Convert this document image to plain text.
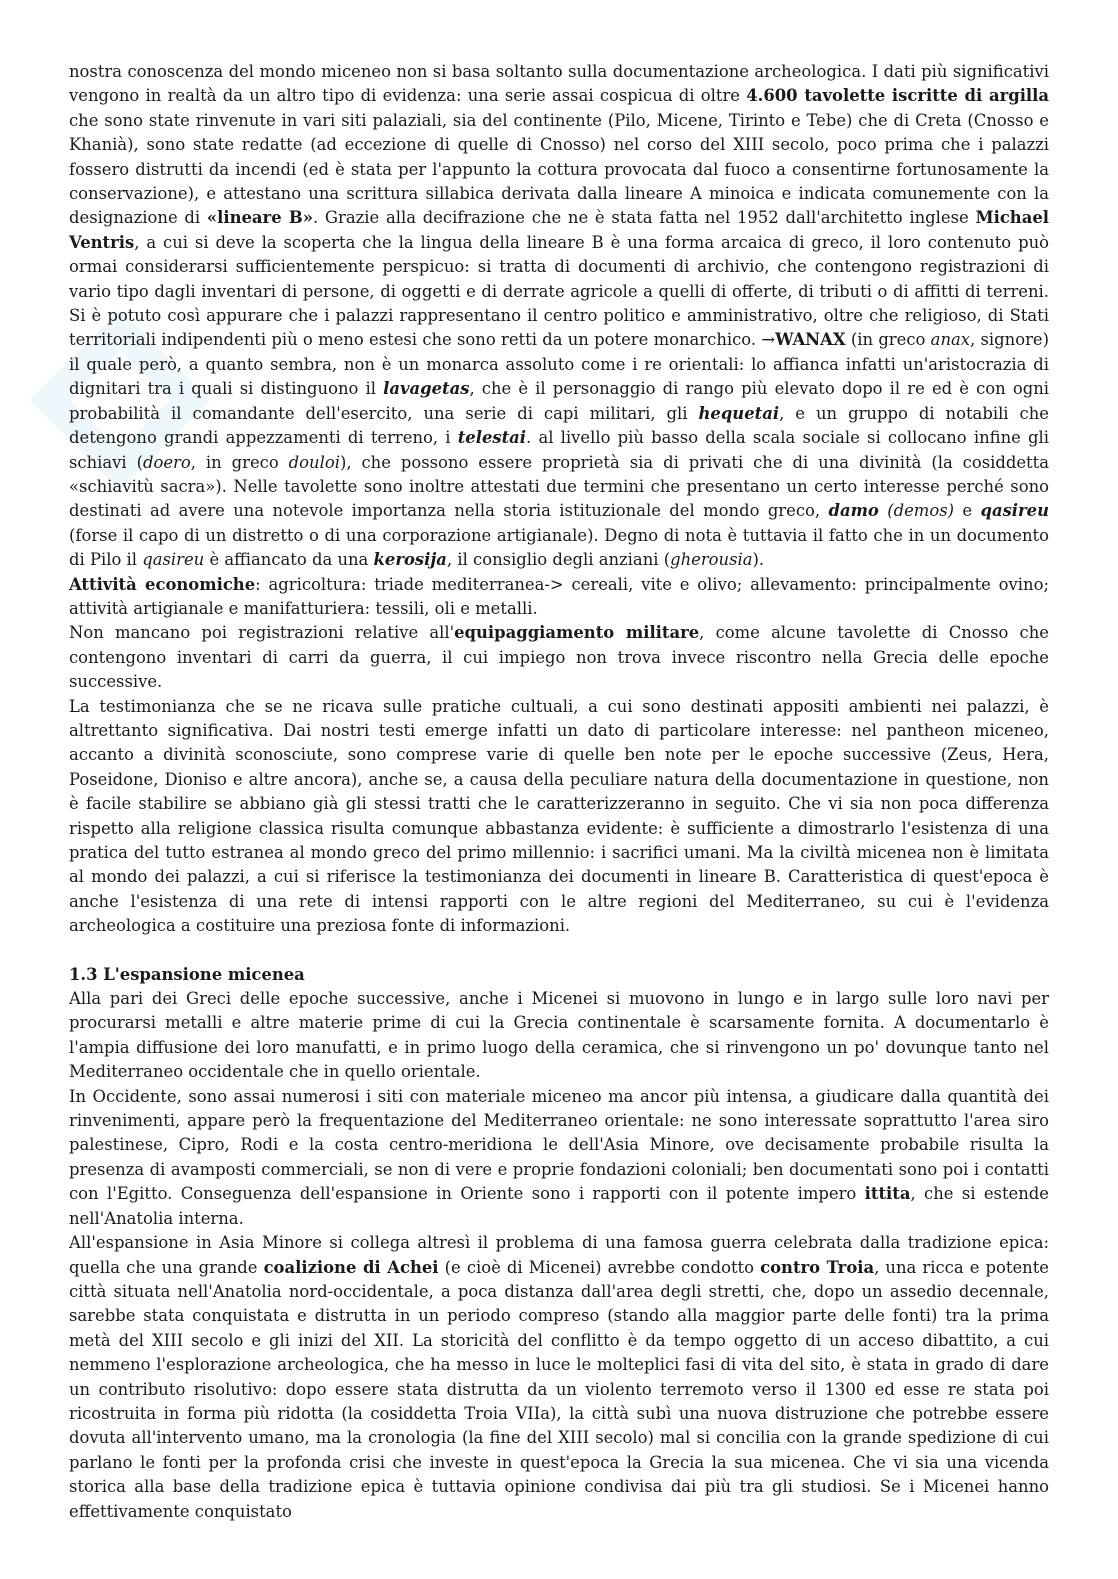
nostra conoscenza del mondo miceneo non si basa soltanto sulla documentazione archeologica. I dati più significativi vengono in realtà da un altro tipo di evidenza: una serie assai cospicua di oltre 4.600 tavolette iscritte di argilla che sono state rinvenute in vari siti palaziali, sia del continente (Pilo, Micene, Tirinto e Tebe) che di Creta (Cnosso e Khanià), sono state redatte (ad eccezione di quelle di Cnosso) nel corso del XIII secolo, poco prima che i palazzi fossero distrutti da incendi (ed è stata per l'appunto la cottura provocata dal fuoco a consentirne fortunosamente la conservazione), e attestano una scrittura sillabica derivata dalla lineare A minoica e indicata comunemente con la designazione di «lineare B». Grazie alla decifrazione che ne è stata fatta nel 1952 dall'architetto inglese Michael Ventris, a cui si deve la scoperta che la lingua della lineare B è una forma arcaica di greco, il loro contenuto può ormai considerarsi sufficientemente perspicuo: si tratta di documenti di archivio, che contengono registrazioni di vario tipo dagli inventari di persone, di oggetti e di derrate agricole a quelli di offerte, di tributi o di affitti di terreni. Si è potuto così appurare che i palazzi rappresentano il centro politico e amministrativo, oltre che religioso, di Stati territoriali indipendenti più o meno estesi che sono retti da un potere monarchico. →WANAX (in greco anax, signore) il quale però, a quanto sembra, non è un monarca assoluto come i re orientali: lo affianca infatti un'aristocrazia di dignitari tra i quali si distinguono il lavagetas, che è il personaggio di rango più elevato dopo il re ed è con ogni probabilità il comandante dell'esercito, una serie di capi militari, gli hequetai, e un gruppo di notabili che detengono grandi appezzamenti di terreno, i telestai. al livello più basso della scala sociale si collocano infine gli schiavi (doero, in greco douloi), che possono essere proprietà sia di privati che di una divinità (la cosiddetta «schiavitù sacra»). Nelle tavolette sono inoltre attestati due termini che presentano un certo interesse perché sono destinati ad avere una notevole importanza nella storia istituzionale del mondo greco, damo (demos) e qasireu (forse il capo di un distretto o di una corporazione artigianale). Degno di nota è tuttavia il fatto che in un documento di Pilo il qasireu è affiancato da una kerosija, il consiglio degli anziani (gherousia).

Attività economiche: agricoltura: triade mediterranea-> cereali, vite e olivo; allevamento: principalmente ovino; attività artigianale e manifatturiera: tessili, oli e metalli.

Non mancano poi registrazioni relative all'equipaggiamento militare, come alcune tavolette di Cnosso che contengono inventari di carri da guerra, il cui impiego non trova invece riscontro nella Grecia delle epoche successive.

La testimonianza che se ne ricava sulle pratiche cultuali, a cui sono destinati appositi ambienti nei palazzi, è altrettanto significativa. Dai nostri testi emerge infatti un dato di particolare interesse: nel pantheon miceneo, accanto a divinità sconosciute, sono comprese varie di quelle ben note per le epoche successive (Zeus, Hera, Poseidone, Dioniso e altre ancora), anche se, a causa della peculiare natura della documentazione in questione, non è facile stabilire se abbiano già gli stessi tratti che le caratterizzeranno in seguito. Che vi sia non poca differenza rispetto alla religione classica risulta comunque abbastanza evidente: è sufficiente a dimostrarlo l'esistenza di una pratica del tutto estranea al mondo greco del primo millennio: i sacrifici umani. Ma la civiltà micenea non è limitata al mondo dei palazzi, a cui si riferisce la testimonianza dei documenti in lineare B. Caratteristica di quest'epoca è anche l'esistenza di una rete di intensi rapporti con le altre regioni del Mediterraneo, su cui è l'evidenza archeologica a costituire una preziosa fonte di informazioni.

1.3 L'espansione micenea

Alla pari dei Greci delle epoche successive, anche i Micenei si muovono in lungo e in largo sulle loro navi per procurarsi metalli e altre materie prime di cui la Grecia continentale è scarsamente fornita. A documentarlo è l'ampia diffusione dei loro manufatti, e in primo luogo della ceramica, che si rinvengono un po' dovunque tanto nel Mediterraneo occidentale che in quello orientale.

In Occidente, sono assai numerosi i siti con materiale miceneo ma ancor più intensa, a giudicare dalla quantità dei rinvenimenti, appare però la frequentazione del Mediterraneo orientale: ne sono interessate soprattutto l'area siro palestinese, Cipro, Rodi e la costa centro-meridiona le dell'Asia Minore, ove decisamente probabile risulta la presenza di avamposti commerciali, se non di vere e proprie fondazioni coloniali; ben documentati sono poi i contatti con l'Egitto. Conseguenza dell'espansione in Oriente sono i rapporti con il potente impero ittita, che si estende nell'Anatolia interna.

All'espansione in Asia Minore si collega altresì il problema di una famosa guerra celebrata dalla tradizione epica: quella che una grande coalizione di Achei (e cioè di Micenei) avrebbe condotto contro Troia, una ricca e potente città situata nell'Anatolia nord-occidentale, a poca distanza dall'area degli stretti, che, dopo un assedio decennale, sarebbe stata conquistata e distrutta in un periodo compreso (stando alla maggior parte delle fonti) tra la prima metà del XIII secolo e gli inizi del XII. La storicità del conflitto è da tempo oggetto di un acceso dibattito, a cui nemmeno l'esplorazione archeologica, che ha messo in luce le molteplici fasi di vita del sito, è stata in grado di dare un contributo risolutivo: dopo essere stata distrutta da un violento terremoto verso il 1300 ed esse re stata poi ricostruita in forma più ridotta (la cosiddetta Troia VIIa), la città subì una nuova distruzione che potrebbe essere dovuta all'intervento umano, ma la cronologia (la fine del XIII secolo) mal si concilia con la grande spedizione di cui parlano le fonti per la profonda crisi che investe in quest'epoca la Grecia la sua micenea. Che vi sia una vicenda storica alla base della tradizione epica è tuttavia opinione condivisa dai più tra gli studiosi. Se i Micenei hanno effettivamente conquistato
